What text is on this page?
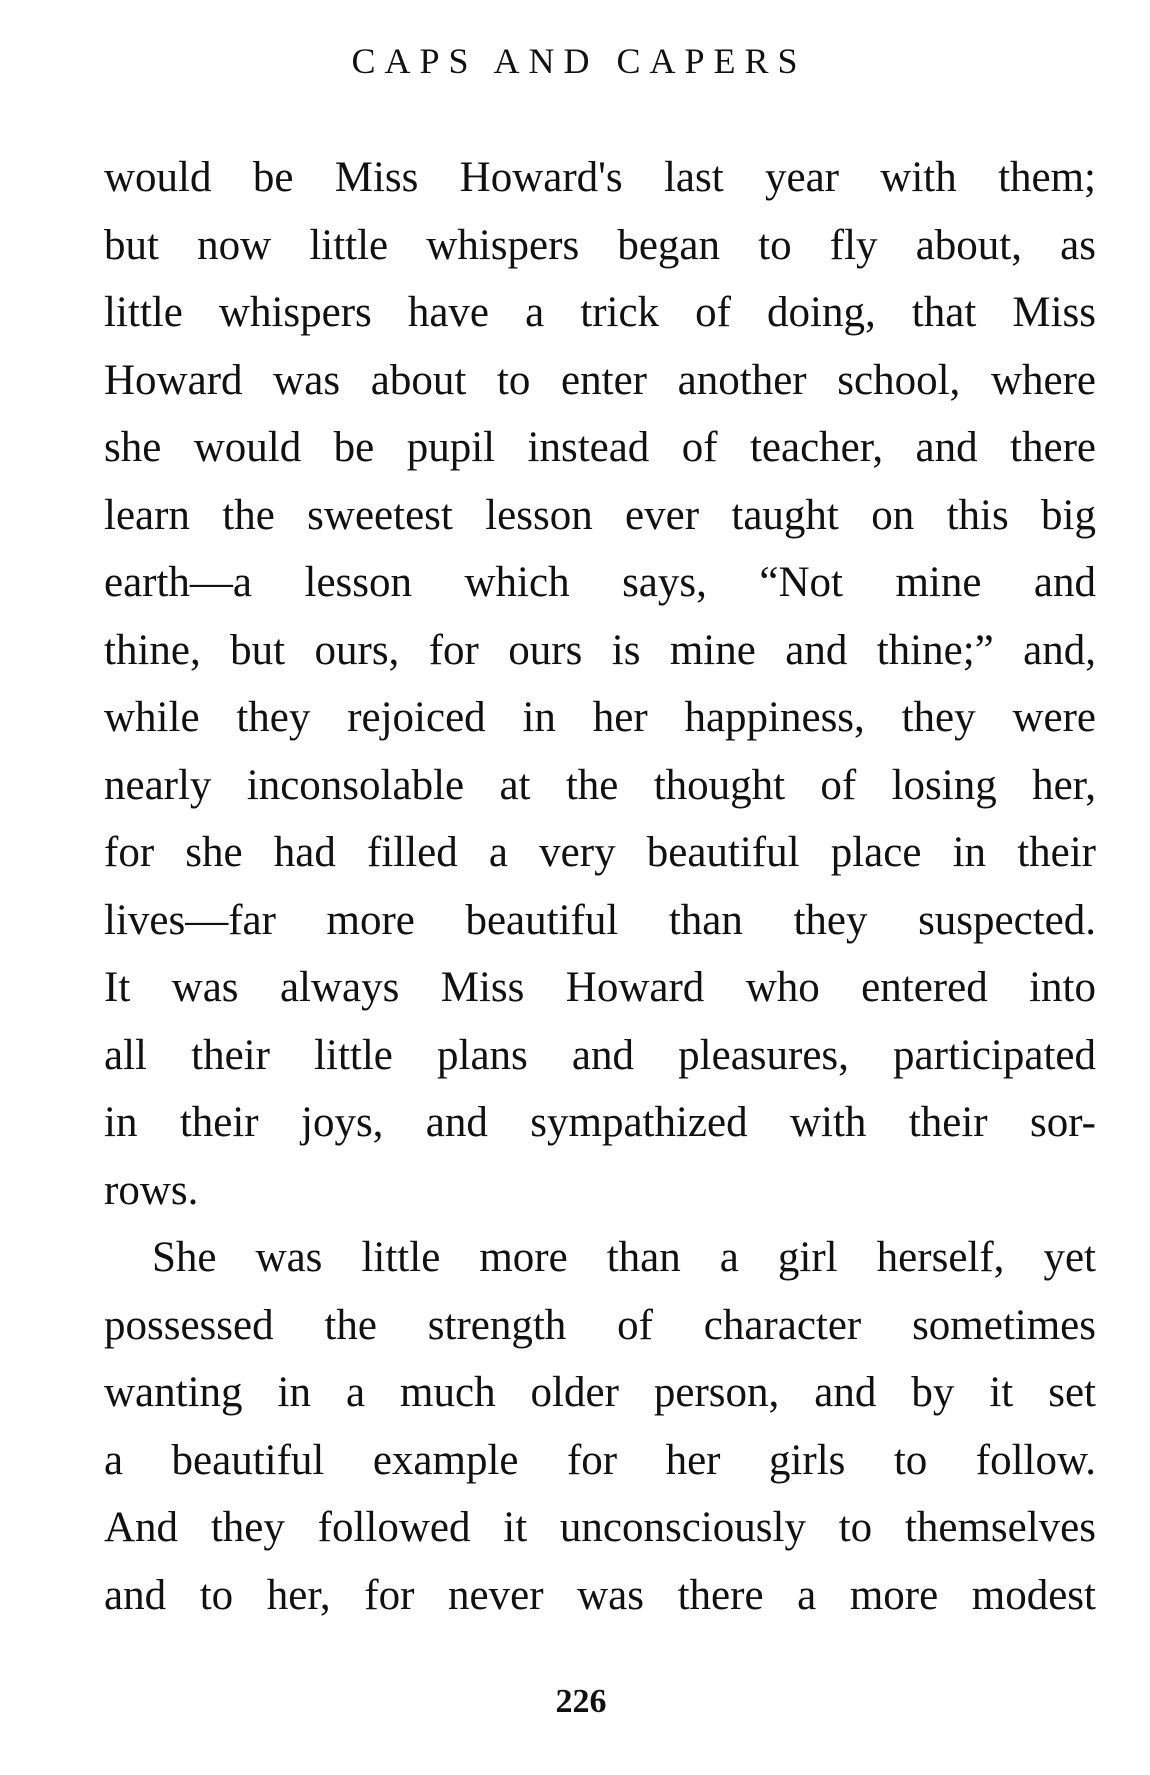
CAPS AND CAPERS
would be Miss Howard's last year with them;
but now little whispers began to fly about, as
little whispers have a trick of doing, that Miss
Howard was about to enter another school, where
she would be pupil instead of teacher, and there
learn the sweetest lesson ever taught on this big
earth—a lesson which says, “Not mine and
thine, but ours, for ours is mine and thine;” and,
while they rejoiced in her happiness, they were
nearly inconsolable at the thought of losing her,
for she had filled a very beautiful place in their
lives—far more beautiful than they suspected.
It was always Miss Howard who entered into
all their little plans and pleasures, participated
in their joys, and sympathized with their sor-
rows.
She was little more than a girl herself, yet
possessed the strength of character sometimes
wanting in a much older person, and by it set
a beautiful example for her girls to follow.
And they followed it unconsciously to themselves
and to her, for never was there a more modest
226
